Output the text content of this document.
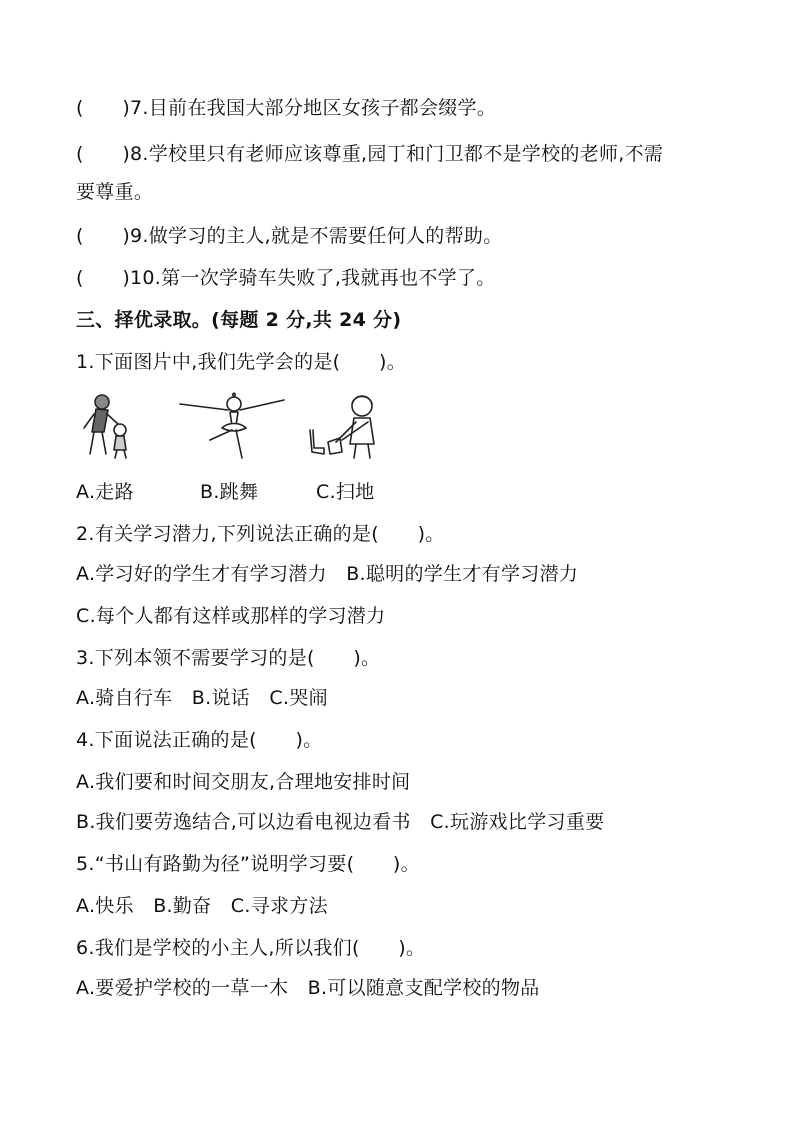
(　　)7.目前在我国大部分地区女孩子都会缀学。
(　　)8.学校里只有老师应该尊重,园丁和门卫都不是学校的老师,不需
要尊重。
(　　)9.做学习的主人,就是不需要任何人的帮助。
(　　)10.第一次学骑车失败了,我就再也不学了。
三、择优录取。(每题 2 分,共 24 分)
1.下面图片中,我们先学会的是(　　)。
A.走路	B.跳舞	C.扫地
2.有关学习潜力,下列说法正确的是(　　)。
A.学习好的学生才有学习潜力　B.聪明的学生才有学习潜力
C.每个人都有这样或那样的学习潜力
3.下列本领不需要学习的是(　　)。
A.骑自行车　B.说话　C.哭闹
4.下面说法正确的是(　　)。
A.我们要和时间交朋友,合理地安排时间
B.我们要劳逸结合,可以边看电视边看书　C.玩游戏比学习重要
5.“书山有路勤为径”说明学习要(　　)。
A.快乐　B.勤奋　C.寻求方法
6.我们是学校的小主人,所以我们(　　)。
A.要爱护学校的一草一木　B.可以随意支配学校的物品
